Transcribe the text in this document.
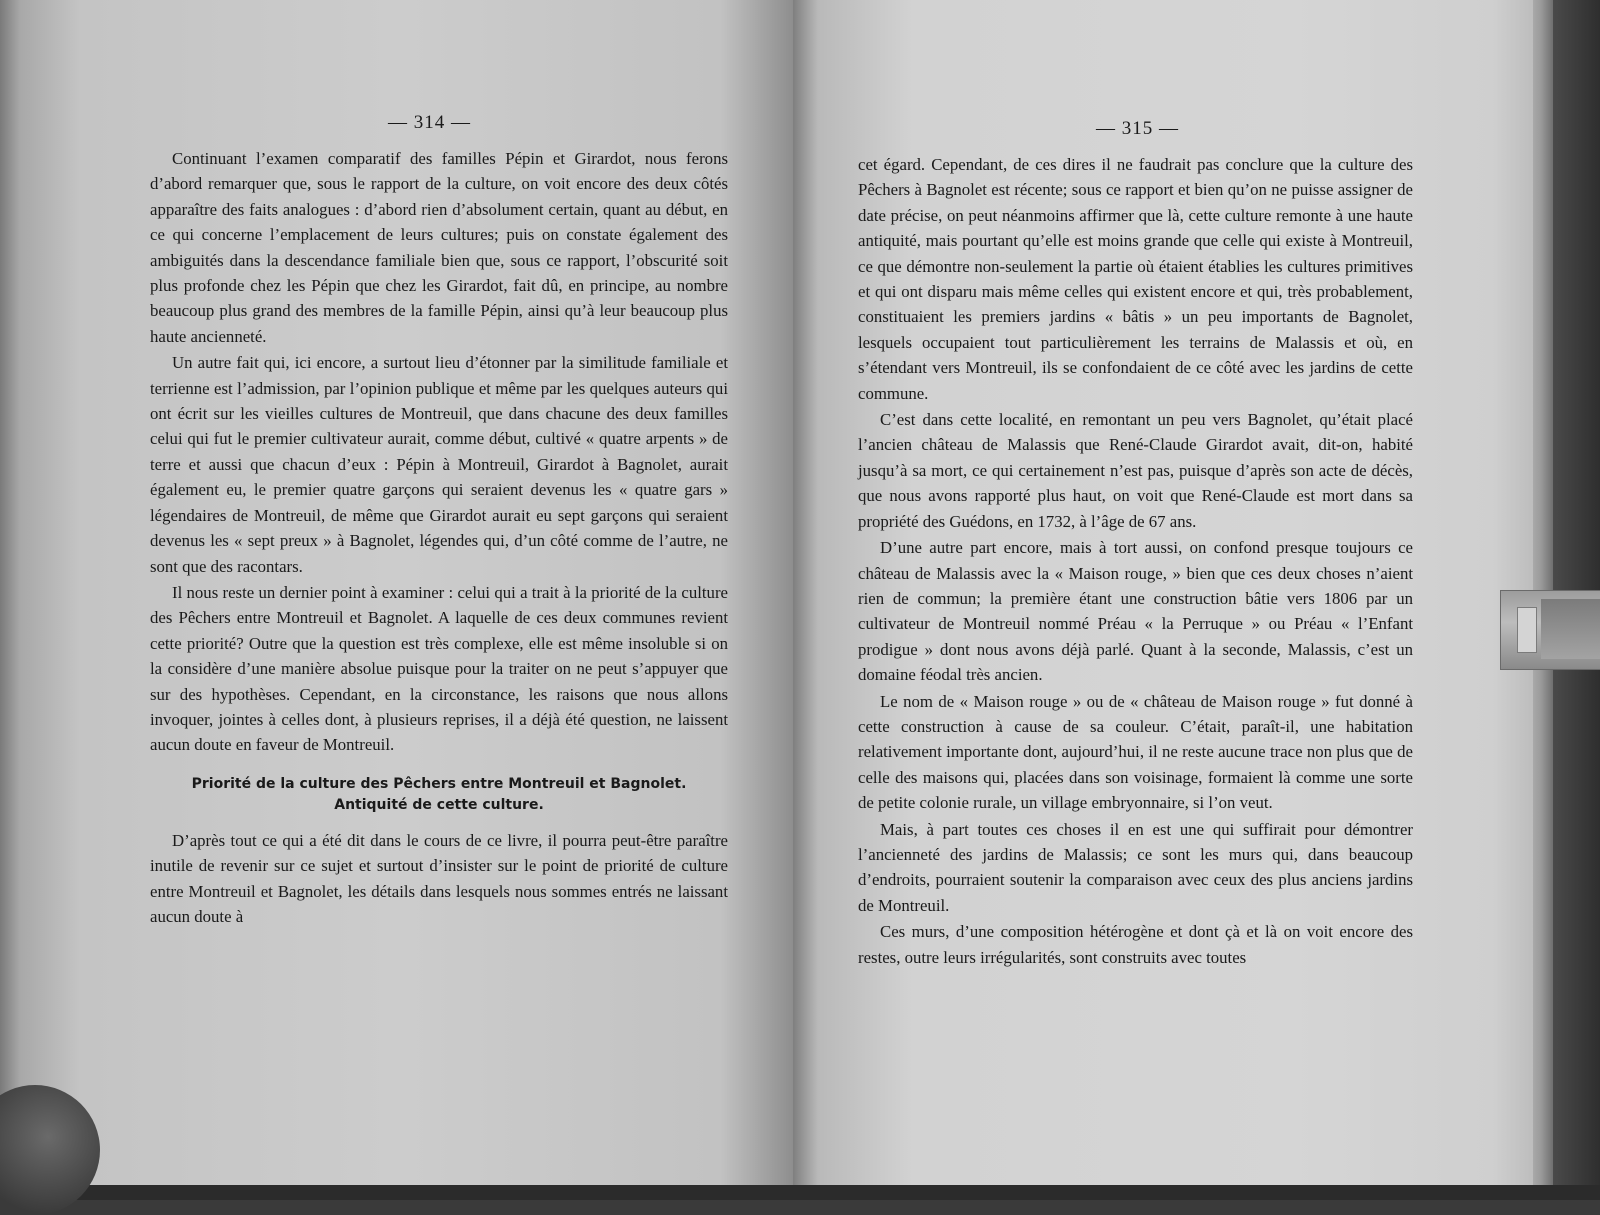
— 314 —

Continuant l’examen comparatif des familles Pépin et Girardot, nous ferons d’abord remarquer que, sous le rapport de la culture, on voit encore des deux côtés apparaître des faits analogues : d’abord rien d’absolument certain, quant au début, en ce qui concerne l’emplacement de leurs cultures; puis on constate également des ambiguités dans la descendance familiale bien que, sous ce rapport, l’obscurité soit plus profonde chez les Pépin que chez les Girardot, fait dû, en principe, au nombre beaucoup plus grand des membres de la famille Pépin, ainsi qu’à leur beaucoup plus haute ancienneté.

Un autre fait qui, ici encore, a surtout lieu d’étonner par la similitude familiale et terrienne est l’admission, par l’opinion publique et même par les quelques auteurs qui ont écrit sur les vieilles cultures de Montreuil, que dans chacune des deux familles celui qui fut le premier cultivateur aurait, comme début, cultivé « quatre arpents » de terre et aussi que chacun d’eux : Pépin à Montreuil, Girardot à Bagnolet, aurait également eu, le premier quatre garçons qui seraient devenus les « quatre gars » légendaires de Montreuil, de même que Girardot aurait eu sept garçons qui seraient devenus les « sept preux » à Bagnolet, légendes qui, d’un côté comme de l’autre, ne sont que des racontars.

Il nous reste un dernier point à examiner : celui qui a trait à la priorité de la culture des Pêchers entre Montreuil et Bagnolet. A laquelle de ces deux communes revient cette priorité? Outre que la question est très complexe, elle est même insoluble si on la considère d’une manière absolue puisque pour la traiter on ne peut s’appuyer que sur des hypothèses. Cependant, en la circonstance, les raisons que nous allons invoquer, jointes à celles dont, à plusieurs reprises, il a déjà été question, ne laissent aucun doute en faveur de Montreuil.

Priorité de la culture des Pêchers entre Montreuil et Bagnolet.
Antiquité de cette culture.

D’après tout ce qui a été dit dans le cours de ce livre, il pourra peut-être paraître inutile de revenir sur ce sujet et surtout d’insister sur le point de priorité de culture entre Montreuil et Bagnolet, les détails dans lesquels nous sommes entrés ne laissant aucun doute à

— 315 —

cet égard. Cependant, de ces dires il ne faudrait pas conclure que la culture des Pêchers à Bagnolet est récente; sous ce rapport et bien qu’on ne puisse assigner de date précise, on peut néanmoins affirmer que là, cette culture remonte à une haute antiquité, mais pourtant qu’elle est moins grande que celle qui existe à Montreuil, ce que démontre non-seulement la partie où étaient établies les cultures primitives et qui ont disparu mais même celles qui existent encore et qui, très probablement, constituaient les premiers jardins « bâtis » un peu importants de Bagnolet, lesquels occupaient tout particulièrement les terrains de Malassis et où, en s’étendant vers Montreuil, ils se confondaient de ce côté avec les jardins de cette commune.

C’est dans cette localité, en remontant un peu vers Bagnolet, qu’était placé l’ancien château de Malassis que René-Claude Girardot avait, dit-on, habité jusqu’à sa mort, ce qui certainement n’est pas, puisque d’après son acte de décès, que nous avons rapporté plus haut, on voit que René-Claude est mort dans sa propriété des Guédons, en 1732, à l’âge de 67 ans.

D’une autre part encore, mais à tort aussi, on confond presque toujours ce château de Malassis avec la « Maison rouge, » bien que ces deux choses n’aient rien de commun; la première étant une construction bâtie vers 1806 par un cultivateur de Montreuil nommé Préau « la Perruque » ou Préau « l’Enfant prodigue » dont nous avons déjà parlé. Quant à la seconde, Malassis, c’est un domaine féodal très ancien.

Le nom de « Maison rouge » ou de « château de Maison rouge » fut donné à cette construction à cause de sa couleur. C’était, paraît-il, une habitation relativement importante dont, aujourd’hui, il ne reste aucune trace non plus que de celle des maisons qui, placées dans son voisinage, formaient là comme une sorte de petite colonie rurale, un village embryonnaire, si l’on veut.

Mais, à part toutes ces choses il en est une qui suffirait pour démontrer l’ancienneté des jardins de Malassis; ce sont les murs qui, dans beaucoup d’endroits, pourraient soutenir la comparaison avec ceux des plus anciens jardins de Montreuil.

Ces murs, d’une composition hétérogène et dont çà et là on voit encore des restes, outre leurs irrégularités, sont construits avec toutes
